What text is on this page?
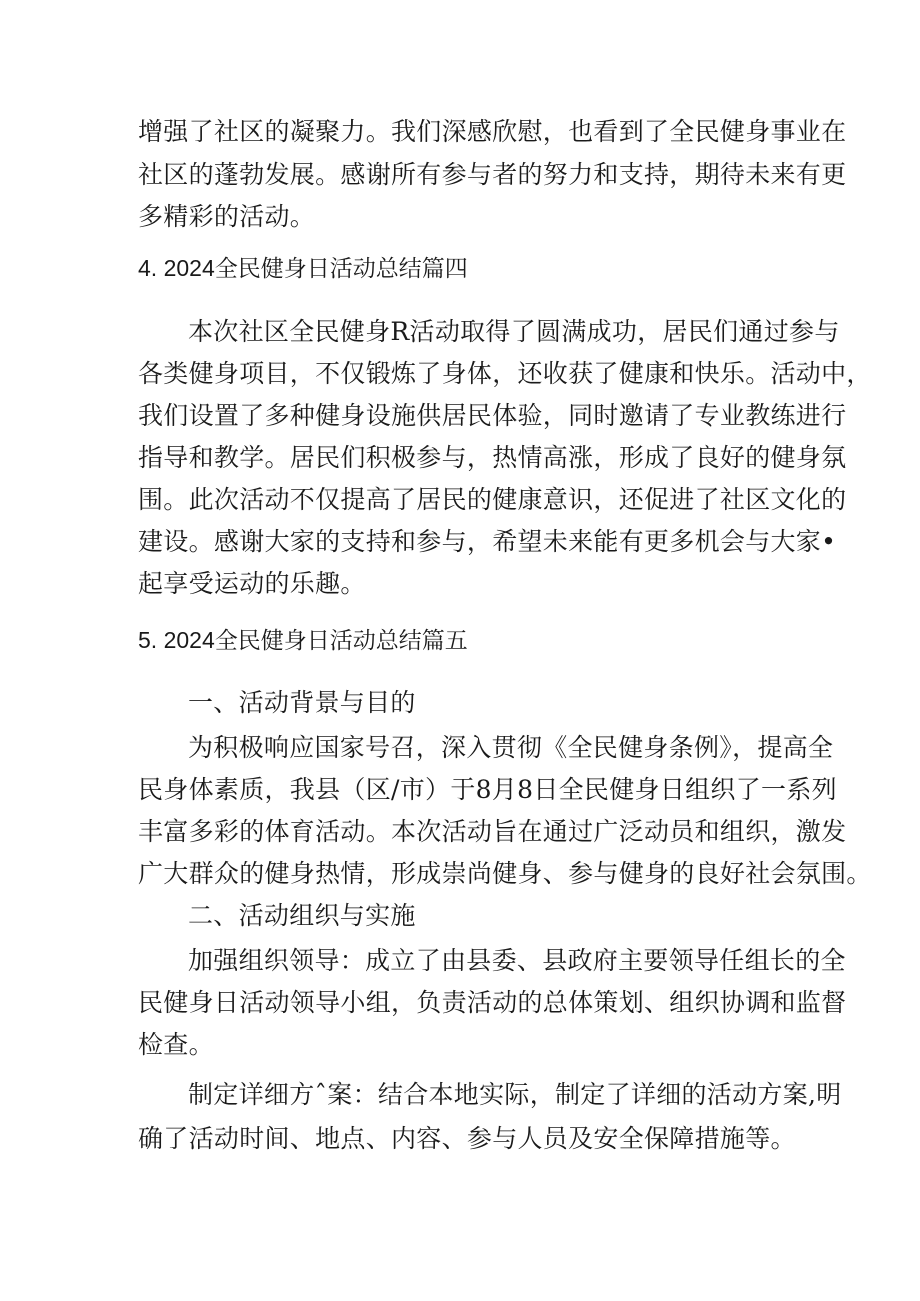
增强了社区的凝聚力。我们深感欣慰，也看到了全民健身事业在
社区的蓬勃发展。感谢所有参与者的努力和支持，期待未来有更
多精彩的活动。
4. 2024全民健身日活动总结篇四
本次社区全民健身R活动取得了圆满成功，居民们通过参与
各类健身项目，不仅锻炼了身体，还收获了健康和快乐。活动中，
我们设置了多种健身设施供居民体验，同时邀请了专业教练进行
指导和教学。居民们积极参与，热情高涨，形成了良好的健身氛
围。此次活动不仅提高了居民的健康意识，还促进了社区文化的
建设。感谢大家的支持和参与，希望未来能有更多机会与大家•
起享受运动的乐趣。
5. 2024全民健身日活动总结篇五
一、活动背景与目的
为积极响应国家号召，深入贯彻《全民健身条例》，提高全
民身体素质，我县（区/市）于8月8日全民健身日组织了一系列
丰富多彩的体育活动。本次活动旨在通过广泛动员和组织，激发
广大群众的健身热情，形成崇尚健身、参与健身的良好社会氛围。
二、活动组织与实施
加强组织领导：成立了由县委、县政府主要领导任组长的全
民健身日活动领导小组，负责活动的总体策划、组织协调和监督
检查。
制定详细方ˆ案：结合本地实际，制定了详细的活动方案,明
确了活动时间、地点、内容、参与人员及安全保障措施等。
